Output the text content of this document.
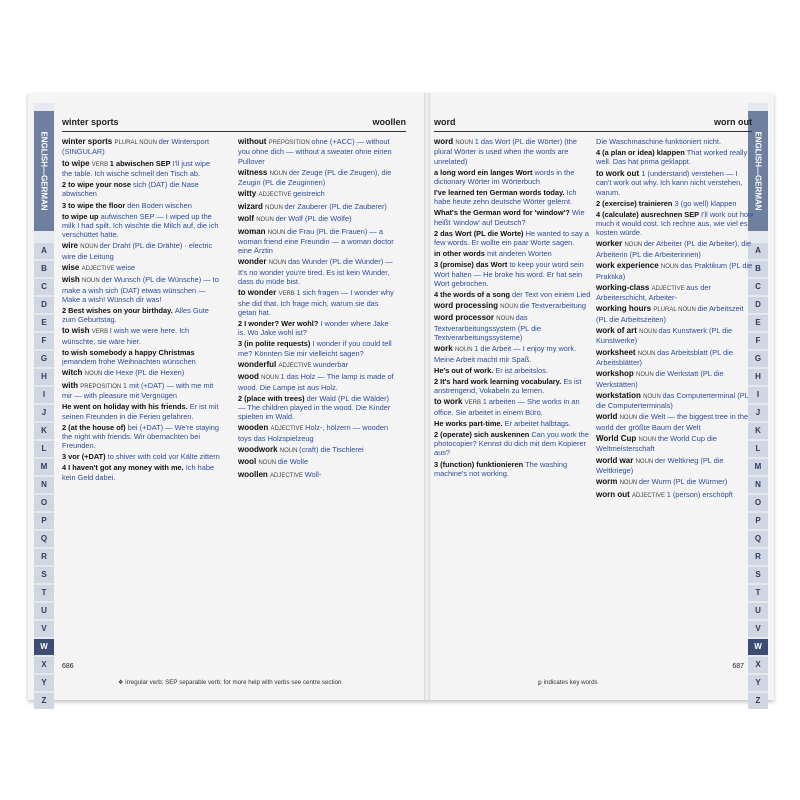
ENGLISH—GERMAN
A
B
C
D
E
F
G
H
I
J
K
L
M
N
O
P
Q
R
S
T
U
V
W
X
Y
Z
ENGLISH—GERMAN
A
B
C
D
E
F
G
H
I
J
K
L
M
N
O
P
Q
R
S
T
U
V
W
X
Y
Z
winter sports	woollen

winter sports PLURAL NOUN der Wintersport (SINGULAR)

to wipe VERB 1 abwischen SEP I'll just wipe the table. Ich wische schnell den Tisch ab.

2 to wipe your nose sich (DAT) die Nase abwischen

3 to wipe the floor den Boden wischen

to wipe up aufwischen SEP — I wiped up the milk I had spilt. Ich wischte die Milch auf, die ich verschüttet hatte.

wire NOUN der Draht (PL die Drähte) · electric wire die Leitung

wise ADJECTIVE weise

wish NOUN der Wunsch (PL die Wünsche) — to make a wish sich (DAT) etwas wünschen — Make a wish! Wünsch dir was!

2 Best wishes on your birthday. Alles Gute zum Geburtstag.

to wish VERB I wish we were here. Ich wünschte, sie wäre hier.

to wish somebody a happy Christmas jemandem frohe Weihnachten wünschen

witch NOUN die Hexe (PL die Hexen)

with PREPOSITION 1 mit (+DAT) — with me mit mir — with pleasure mit Vergnügen

He went on holiday with his friends. Er ist mit seinen Freunden in die Ferien gefahren.

2 (at the house of) bei (+DAT) — We're staying the night with friends. Wir übernachten bei Freunden.

3 vor (+DAT) to shiver with cold vor Kälte zittern

4 I haven't got any money with me. Ich habe kein Geld dabei.

without PREPOSITION ohne (+ACC) — without you ohne dich — without a sweater ohne einen Pullover

witness NOUN der Zeuge (PL die Zeugen), die Zeugin (PL die Zeuginnen)

witty ADJECTIVE geistreich

wizard NOUN der Zauberer (PL die Zauberer)

wolf NOUN der Wolf (PL die Wölfe)

woman NOUN die Frau (PL die Frauen) — a woman friend eine Freundin — a woman doctor eine Ärztin

wonder NOUN das Wunder (PL die Wunder) — It's no wonder you're tired. Es ist kein Wunder, dass du müde bist.

to wonder VERB 1 sich fragen — I wonder why she did that. Ich frage mich, warum sie das getan hat.

2 I wonder? Wer wohl? I wonder where Jake is. Wo Jake wohl ist?

3 (in polite requests) I wonder if you could tell me? Könnten Sie mir vielleicht sagen?

wonderful ADJECTIVE wunderbar

wood NOUN 1 das Holz — The lamp is made of wood. Die Lampe ist aus Holz.

2 (place with trees) der Wald (PL die Wälder) — The children played in the wood. Die Kinder spielten im Wald.

wooden ADJECTIVE Holz-, hölzern — wooden toys das Holzspielzeug

woodwork NOUN (craft) die Tischlerei

wool NOUN die Wolle

woollen ADJECTIVE Woll-

686
❖ irregular verb; SEP separable verb; for more help with verbs see centre section
word	worn out

word NOUN 1 das Wort (PL die Wörter) (the plural Wörter is used when the words are unrelated)

a long word ein langes Wort words in the dictionary Wörter im Wörterbuch

I've learned ten German words today. Ich habe heute zehn deutsche Wörter gelernt.

What's the German word for 'window'? Wie heißt 'window' auf Deutsch?

2 das Wort (PL die Worte) He wanted to say a few words. Er wollte ein paar Worte sagen.

in other words mit anderen Worten

3 (promise) das Wort to keep your word sein Wort halten — He broke his word. Er hat sein Wort gebrochen.

4 the words of a song der Text von einem Lied

word processing NOUN die Textverarbeitung

word processor NOUN das Textverarbeitungssystem (PL die Textverarbeitungssysteme)

work NOUN 1 die Arbeit — I enjoy my work. Meine Arbeit macht mir Spaß.

He's out of work. Er ist arbeitslos.

2 It's hard work learning vocabulary. Es ist anstrengend, Vokabeln zu lernen.

to work VERB 1 arbeiten — She works in an office. Sie arbeitet in einem Büro.

He works part-time. Er arbeitet halbtags.

2 (operate) sich auskennen Can you work the photocopier? Kennst du dich mit dem Kopierer aus?

3 (function) funktionieren The washing machine's not working.

Die Waschmaschine funktioniert nicht.

4 (a plan or idea) klappen That worked really well. Das hat prima geklappt.

to work out 1 (understand) verstehen — I can't work out why. Ich kann nicht verstehen, warum.

2 (exercise) trainieren 3 (go well) klappen

4 (calculate) ausrechnen SEP I'll work out how much it would cost. Ich rechne aus, wie viel es kosten würde.

worker NOUN der Arbeiter (PL die Arbeiter), die Arbeiterin (PL die Arbeiterinnen)

work experience NOUN das Praktikum (PL die Praktika)

working-class ADJECTIVE aus der Arbeiterschicht, Arbeiter-

working hours PLURAL NOUN die Arbeitszeit (PL die Arbeitszeiten)

work of art NOUN das Kunstwerk (PL die Kunstwerke)

worksheet NOUN das Arbeitsblatt (PL die Arbeitsblätter)

workshop NOUN die Werkstatt (PL die Werkstätten)

workstation NOUN das Computerterminal (PL die Computerterminals)

world NOUN die Welt — the biggest tree in the world der größte Baum der Welt

World Cup NOUN the World Cup die Weltmeisterschaft

world war NOUN der Weltkrieg (PL die Weltkriege)

worm NOUN der Wurm (PL die Würmer)

worn out ADJECTIVE 1 (person) erschöpft

687
ꝑ indicates key words
